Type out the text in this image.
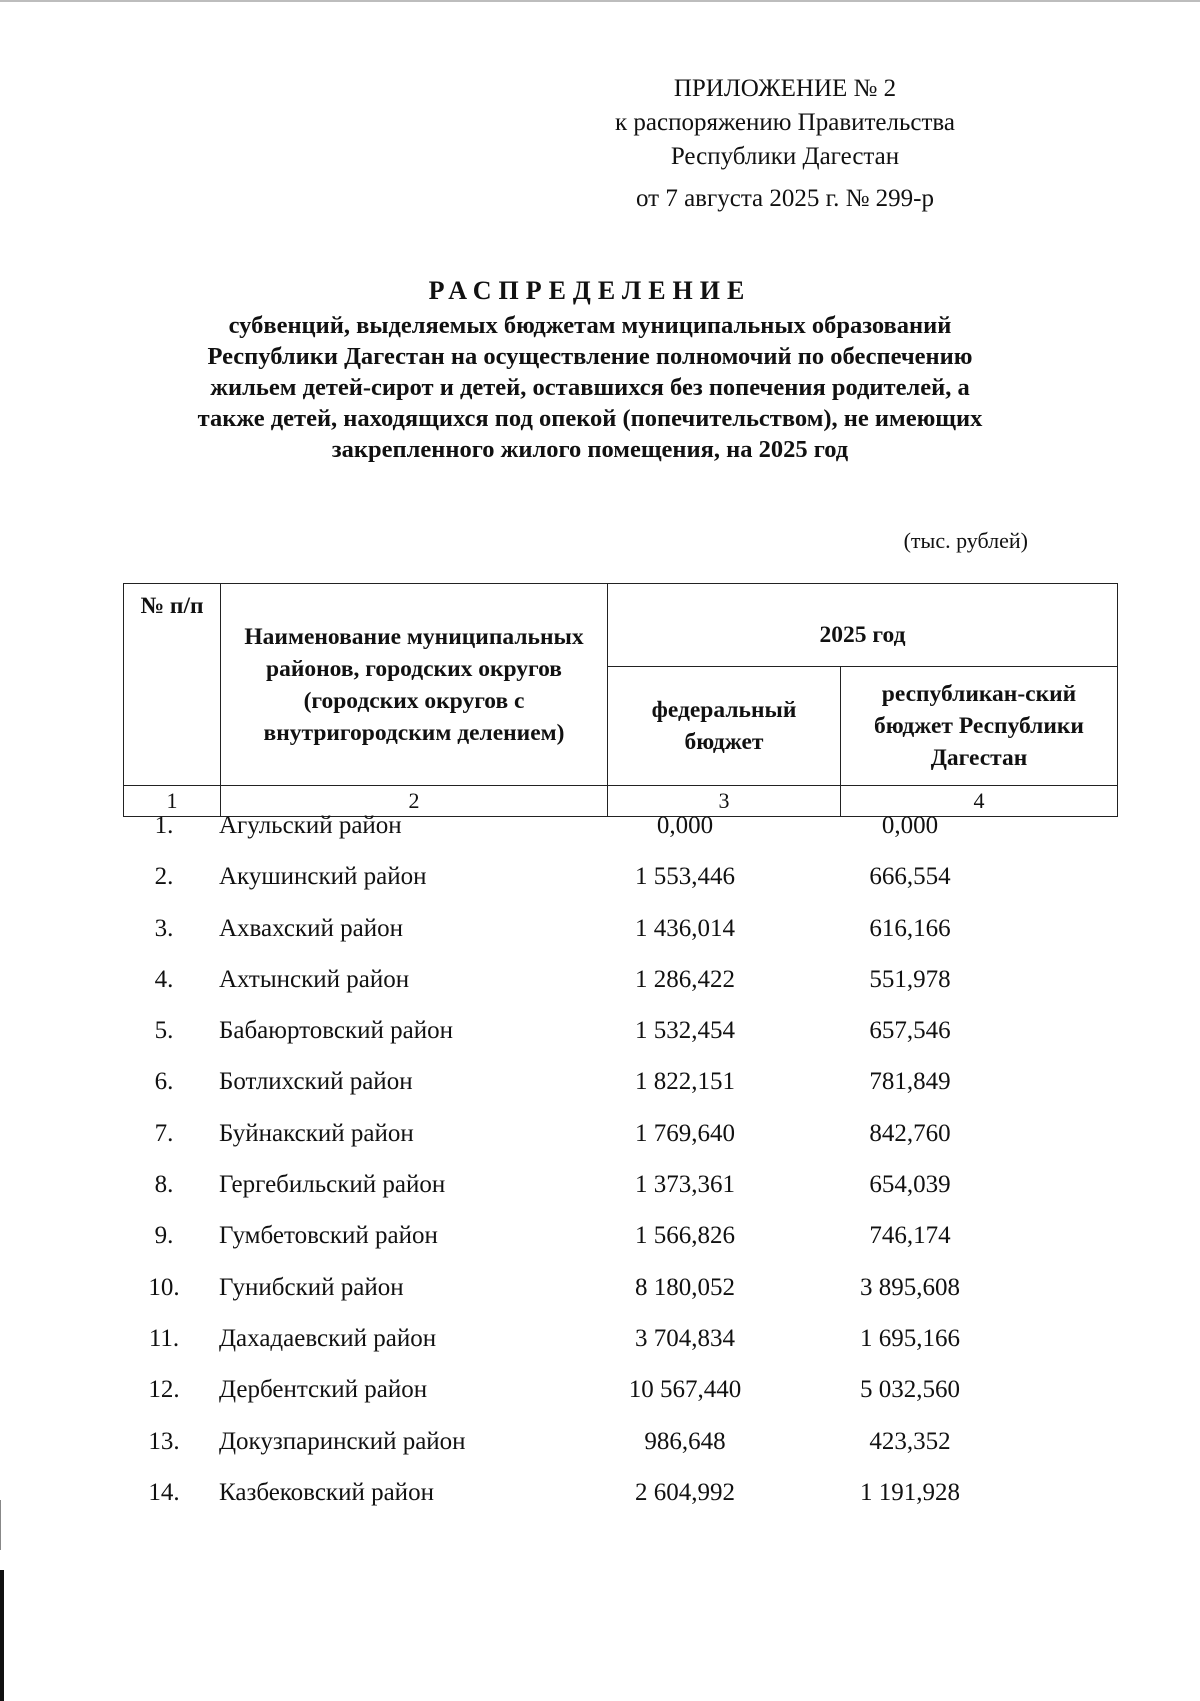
ПРИЛОЖЕНИЕ № 2
к распоряжению Правительства
Республики Дагестан
от 7 августа 2025 г. № 299-р
РАСПРЕДЕЛЕНИЕ
субвенций, выделяемых бюджетам муниципальных образований
Республики Дагестан на осуществление полномочий по обеспечению
жильем детей-сирот и детей, оставшихся без попечения родителей, а
также детей, находящихся под опекой (попечительством), не имеющих
закрепленного жилого помещения, на 2025 год
(тыс. рублей)
№ п/п	Наименование муниципальных районов, городских округов (городских округов с внутригородским делением)	2025 год	
		федеральный бюджет	республикан-ский бюджет Республики Дагестан
1	2	3	4
1.	Агульский район	0,000	0,000
2.	Акушинский район	1 553,446	666,554
3.	Ахвахский район	1 436,014	616,166
4.	Ахтынский район	1 286,422	551,978
5.	Бабаюртовский район	1 532,454	657,546
6.	Ботлихский район	1 822,151	781,849
7.	Буйнакский район	1 769,640	842,760
8.	Гергебильский район	1 373,361	654,039
9.	Гумбетовский район	1 566,826	746,174
10.	Гунибский район	8 180,052	3 895,608
11.	Дахадаевский район	3 704,834	1 695,166
12.	Дербентский район	10 567,440	5 032,560
13.	Докузпаринский район	986,648	423,352
14.	Казбековский район	2 604,992	1 191,928
